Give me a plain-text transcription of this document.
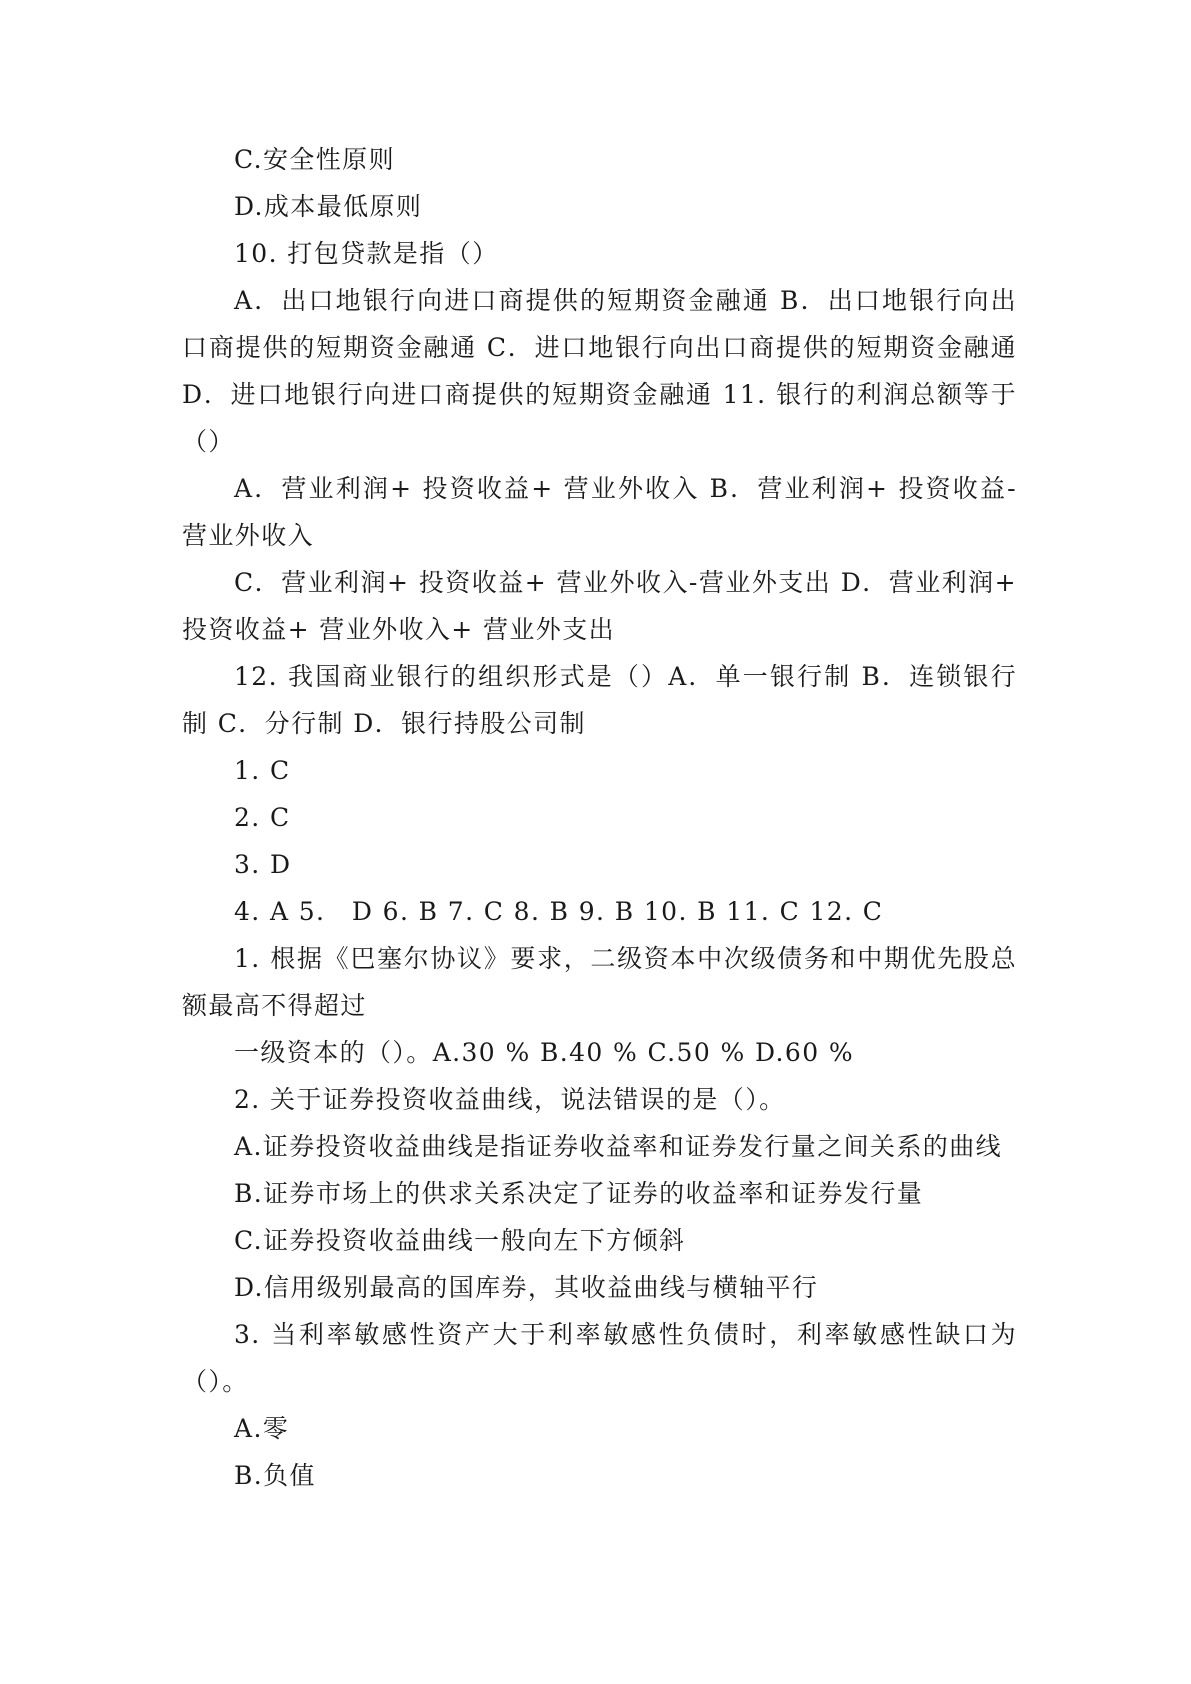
C.安全性原则

D.成本最低原则

10. 打包贷款是指（）

A．出口地银行向进口商提供的短期资金融通 B．出口地银行向出口商提供的短期资金融通 C．进口地银行向出口商提供的短期资金融通 D．进口地银行向进口商提供的短期资金融通 11. 银行的利润总额等于（）

A．营业利润+ 投资收益+ 营业外收入 B．营业利润+ 投资收益-营业外收入

C．营业利润+ 投资收益+ 营业外收入-营业外支出 D．营业利润+ 投资收益+ 营业外收入+ 营业外支出

12. 我国商业银行的组织形式是（）A．单一银行制 B．连锁银行制 C．分行制 D．银行持股公司制

1. C

2. C

3. D

4. A 5． D 6. B 7. C 8. B 9. B 10. B 11. C 12. C

1. 根据《巴塞尔协议》要求，二级资本中次级债务和中期优先股总额最高不得超过

一级资本的（）。A.30 % B.40 % C.50 % D.60 %

2. 关于证券投资收益曲线，说法错误的是（）。

A.证券投资收益曲线是指证券收益率和证券发行量之间关系的曲线

B.证券市场上的供求关系决定了证券的收益率和证券发行量

C.证券投资收益曲线一般向左下方倾斜

D.信用级别最高的国库券，其收益曲线与横轴平行

3. 当利率敏感性资产大于利率敏感性负债时，利率敏感性缺口为（）。

A.零

B.负值
